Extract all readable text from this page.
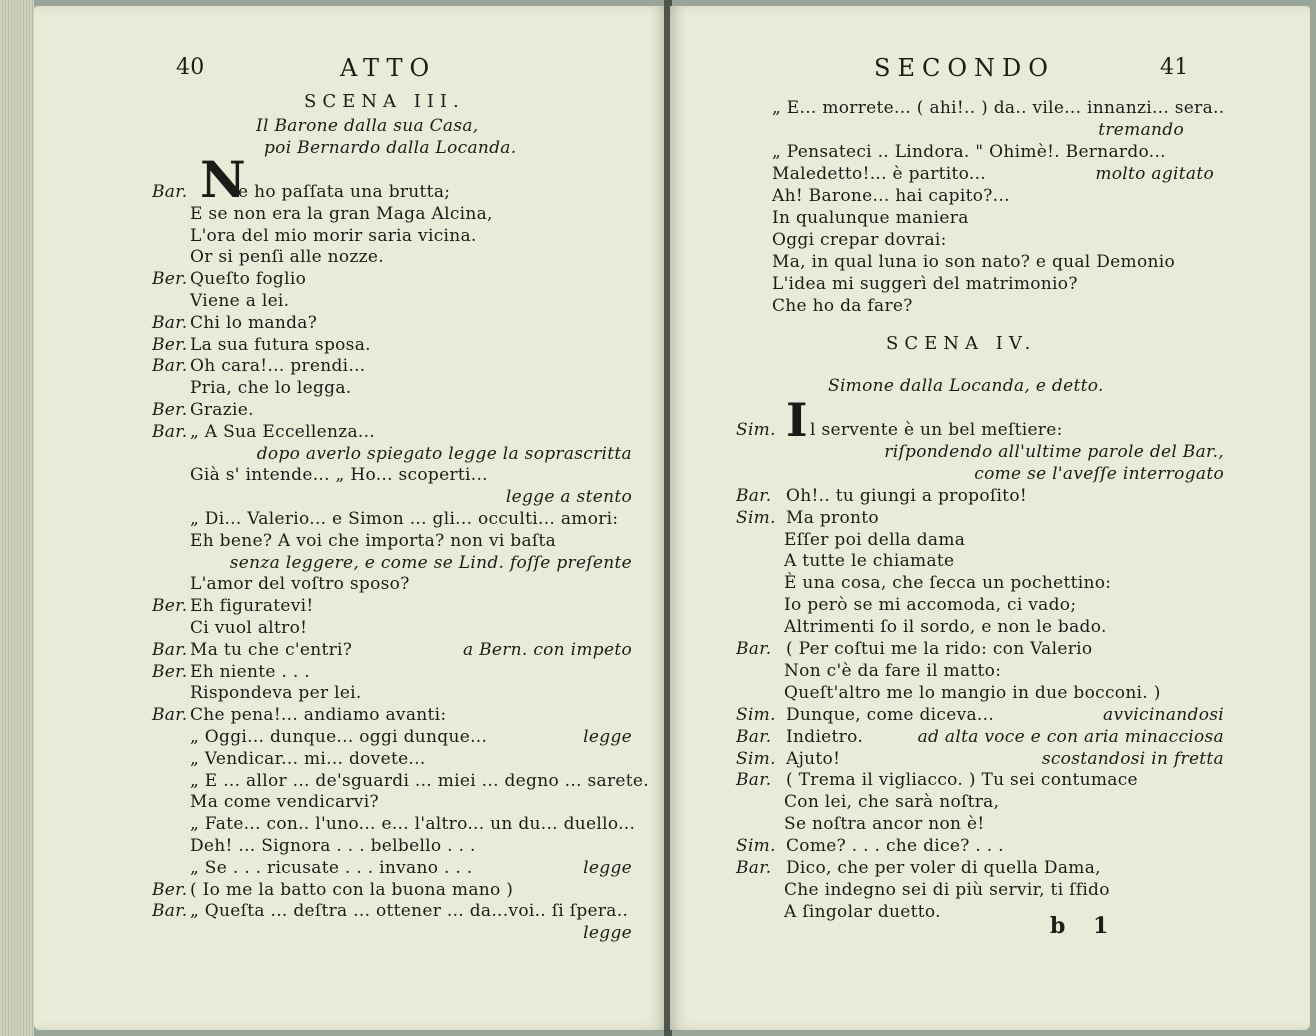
40	ATTO
SCENA III.
Il Barone dalla sua Casa,
poi Bernardo dalla Locanda.
N
Bar.	e ho paſſata una brutta;
E se non era la gran Maga Alcina,
L'ora del mio morir saria vicina.
Or si penſi alle nozze.
Ber. Queſto foglio
Viene a lei.
Bar. Chi lo manda?
Ber. La sua futura sposa.
Bar. Oh cara!... prendi...
Pria, che lo legga.
Ber. Grazie.
Bar. „ A Sua Eccellenza...
dopo averlo spiegato legge la soprascritta
Già s' intende... „ Ho... scoperti...
legge a stento
„ Di... Valerio... e Simon ... gli... occulti... amori:
Eh bene? A voi che importa? non vi baſta
senza leggere, e come se Lind. foſſe preſente
L'amor del voſtro sposo?
Ber. Eh figuratevi!
Ci vuol altro!
Bar. Ma tu che c'entri?	a Bern. con impeto
Ber. Eh niente . . .
Rispondeva per lei.
Bar. Che pena!... andiamo avanti:
„ Oggi... dunque... oggi dunque...	legge
„ Vendicar... mi... dovete...
„ E ... allor ... de'sguardi ... miei ... degno ... sarete.
Ma come vendicarvi?
„ Fate... con.. l'uno... e... l'altro... un du... duello...
Deh! ... Signora . . . belbello . . .
„ Se . . . ricusate . . . invano . . .	legge
Ber. ( Io me la batto con la buona mano )
Bar. „ Queſta ... deſtra ... ottener ... da...voi.. ſi ſpera..
legge
SECONDO	41
„ E... morrete... ( ahi!.. ) da.. vile... innanzi... sera..
tremando
„ Pensateci .. Lindora. " Ohimè!. Bernardo...
Maledetto!... è partito...	molto agitato
Ah! Barone... hai capito?...
In qualunque maniera
Oggi crepar dovrai:
Ma, in qual luna io son nato? e qual Demonio
L'idea mi suggerì del matrimonio?
Che ho da fare?
SCENA IV.
Simone dalla Locanda, e detto.
I
Sim. l servente è un bel meſtiere:
riſpondendo all'ultime parole del Bar.,
come se l'aveſſe interrogato
Bar. Oh!.. tu giungi a propoſito!
Sim. Ma pronto
Eſſer poi della dama
A tutte le chiamate
È una cosa, che ſecca un pochettino:
Io però se mi accomoda, ci vado;
Altrimenti ſo il sordo, e non le bado.
Bar. ( Per coſtui me la rido: con Valerio
Non c'è da fare il matto:
Queſt'altro me lo mangio in due bocconi. )
Sim. Dunque, come diceva...	avvicinandosi
Bar. Indietro.	ad alta voce e con aria minacciosa
Sim. Ajuto!	scostandosi in fretta
Bar. ( Trema il vigliacco. ) Tu sei contumace
Con lei, che sarà noſtra,
Se noſtra ancor non è!
Sim. Come? . . . che dice? . . .
Bar. Dico, che per voler di quella Dama,
Che indegno sei di più servir, ti ſfido
A ſingolar duetto.
b 1
